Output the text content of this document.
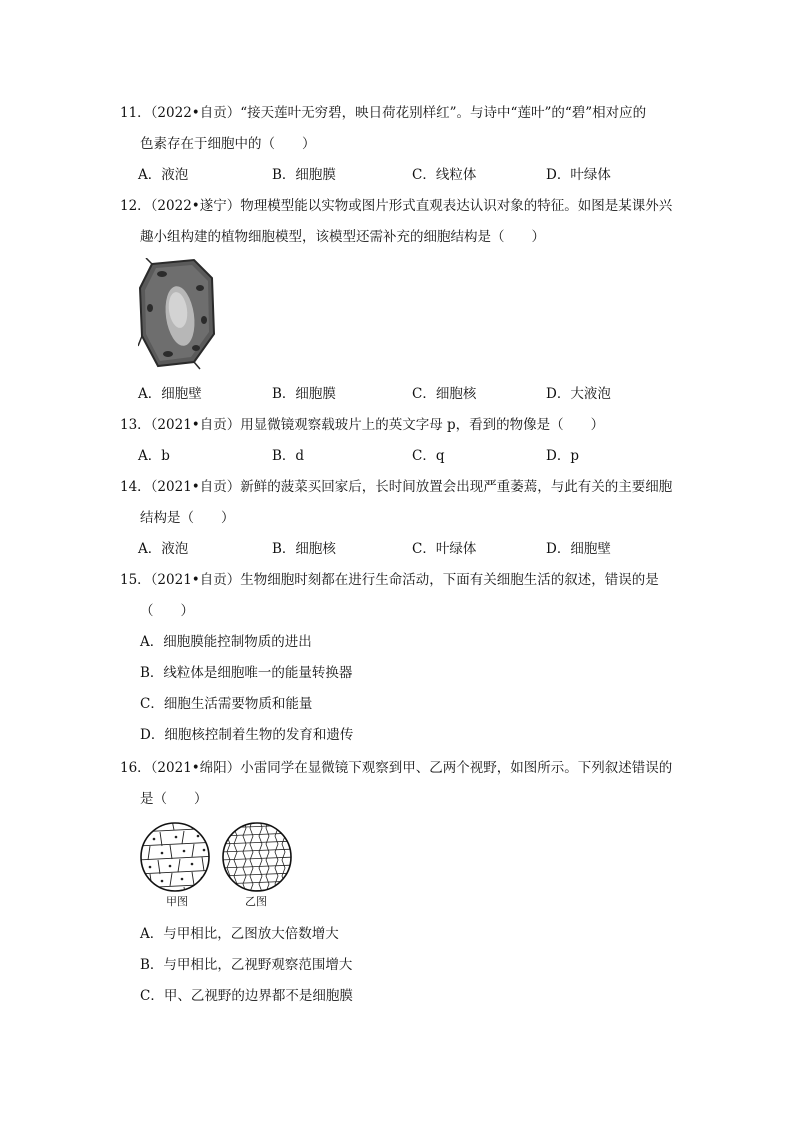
11．（2022•自贡）“接天莲叶无穷碧，映日荷花别样红”。与诗中“莲叶”的“碧”相对应的
色素存在于细胞中的（　　）
A．液泡	B．细胞膜	C．线粒体	D．叶绿体
12．（2022•遂宁）物理模型能以实物或图片形式直观表达认识对象的特征。如图是某课外兴
趣小组构建的植物细胞模型，该模型还需补充的细胞结构是（　　）
A．细胞壁	B．细胞膜	C．细胞核	D．大液泡
13．（2021•自贡）用显微镜观察载玻片上的英文字母 p，看到的物像是（　　）
A．b	B．d	C．q	D．p
14．（2021•自贡）新鲜的菠菜买回家后，长时间放置会出现严重萎蔫，与此有关的主要细胞
结构是（　　）
A．液泡	B．细胞核	C．叶绿体	D．细胞壁
15．（2021•自贡）生物细胞时刻都在进行生命活动，下面有关细胞生活的叙述，错误的是
（　　）
A．细胞膜能控制物质的进出
B．线粒体是细胞唯一的能量转换器
C．细胞生活需要物质和能量
D．细胞核控制着生物的发育和遗传
16．（2021•绵阳）小雷同学在显微镜下观察到甲、乙两个视野，如图所示。下列叙述错误的
是（　　）
甲图	乙图
A．与甲相比，乙图放大倍数增大
B．与甲相比，乙视野观察范围增大
C．甲、乙视野的边界都不是细胞膜
